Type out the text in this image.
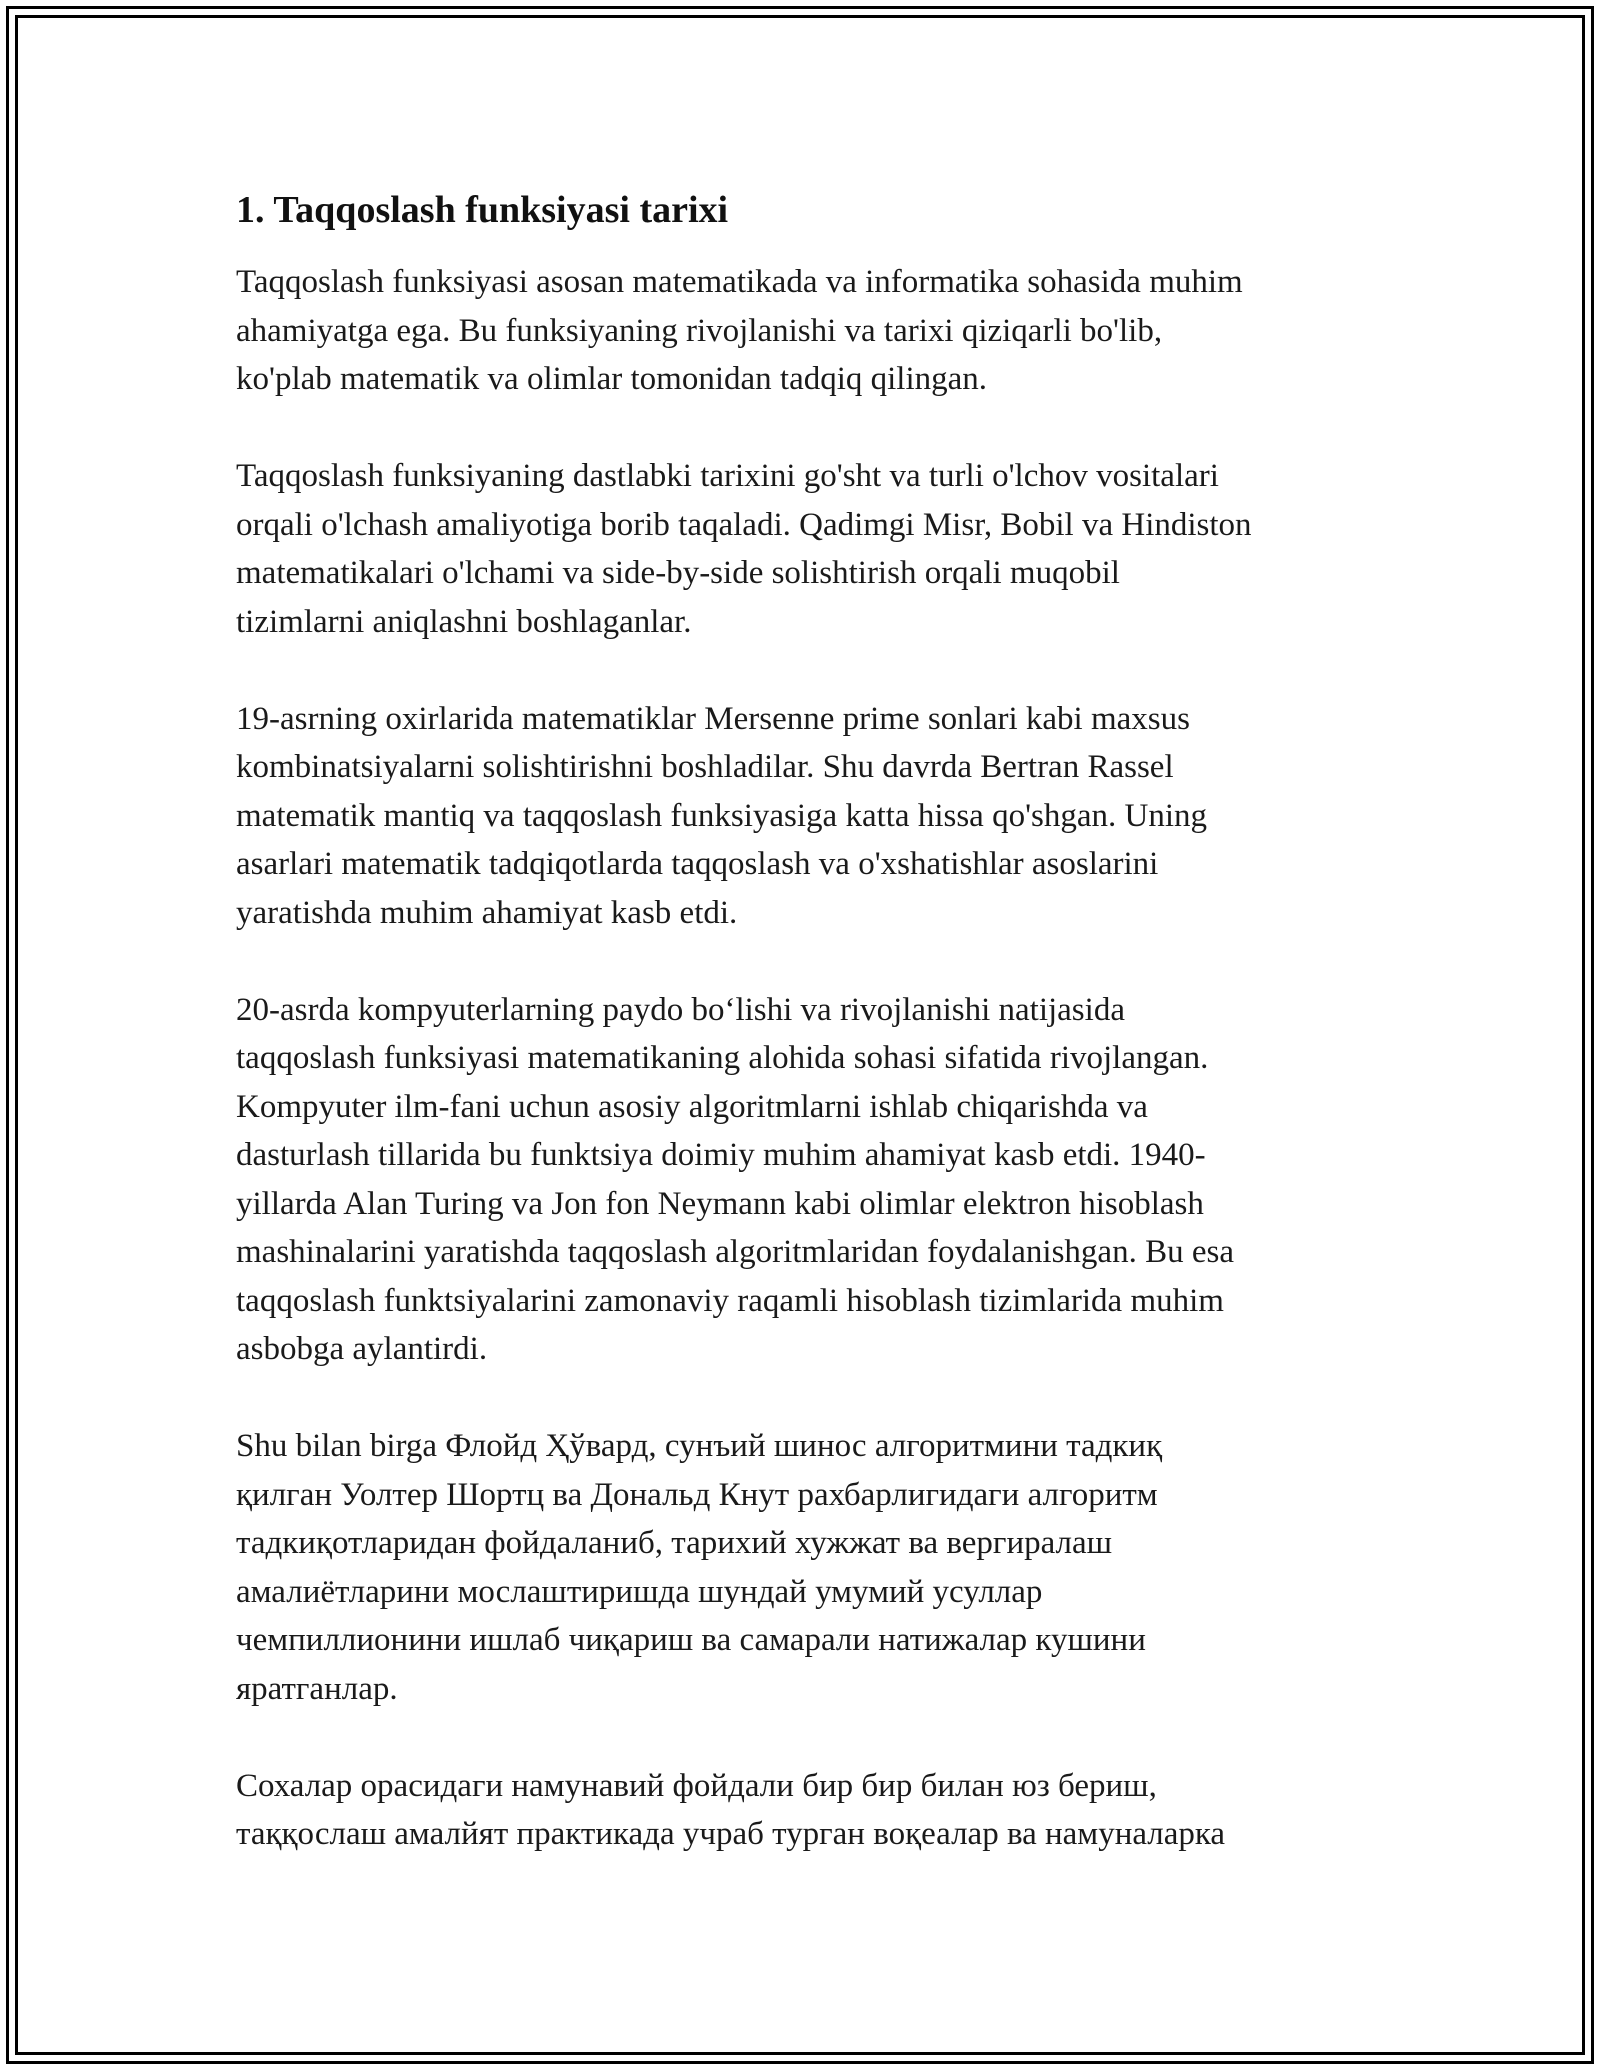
1. Taqqoslash funksiyasi tarixi

Taqqoslash funksiyasi asosan matematikada va informatika sohasida muhim
ahamiyatga ega. Bu funksiyaning rivojlanishi va tarixi qiziqarli bo'lib,
ko'plab matematik va olimlar tomonidan tadqiq qilingan.

Taqqoslash funksiyaning dastlabki tarixini go'sht va turli o'lchov vositalari
orqali o'lchash amaliyotiga borib taqaladi. Qadimgi Misr, Bobil va Hindiston
matematikalari o'lchami va side-by-side solishtirish orqali muqobil
tizimlarni aniqlashni boshlaganlar.

19-asrning oxirlarida matematiklar Mersenne prime sonlari kabi maxsus
kombinatsiyalarni solishtirishni boshladilar. Shu davrda Bertran Rassel
matematik mantiq va taqqoslash funksiyasiga katta hissa qo'shgan. Uning
asarlari matematik tadqiqotlarda taqqoslash va o'xshatishlar asoslarini
yaratishda muhim ahamiyat kasb etdi.

20-asrda kompyuterlarning paydo bo‘lishi va rivojlanishi natijasida
taqqoslash funksiyasi matematikaning alohida sohasi sifatida rivojlangan.
Kompyuter ilm-fani uchun asosiy algoritmlarni ishlab chiqarishda va
dasturlash tillarida bu funktsiya doimiy muhim ahamiyat kasb etdi. 1940-
yillarda Alan Turing va Jon fon Neymann kabi olimlar elektron hisoblash
mashinalarini yaratishda taqqoslash algoritmlaridan foydalanishgan. Bu esa
taqqoslash funktsiyalarini zamonaviy raqamli hisoblash tizimlarida muhim
asbobga aylantirdi.

Shu bilan birga Флойд Ҳўвард, сунъий шинос алгоритмини тадкиқ
қилган Уолтер Шортц ва Дональд Кнут рахбарлигидаги алгоритм
тадкиқотларидан фойдаланиб, тарихий хужжат ва вергиралаш
амалиётларини мослаштиришда шундай умумий усуллар
чемпиллионини ишлаб чиқариш ва самарали натижалар кушини
яратганлар.

Сохалар орасидаги намунавий фойдали бир бир билан юз бериш,
таққослаш амалйят практикада учраб турган воқеалар ва намуналарка
